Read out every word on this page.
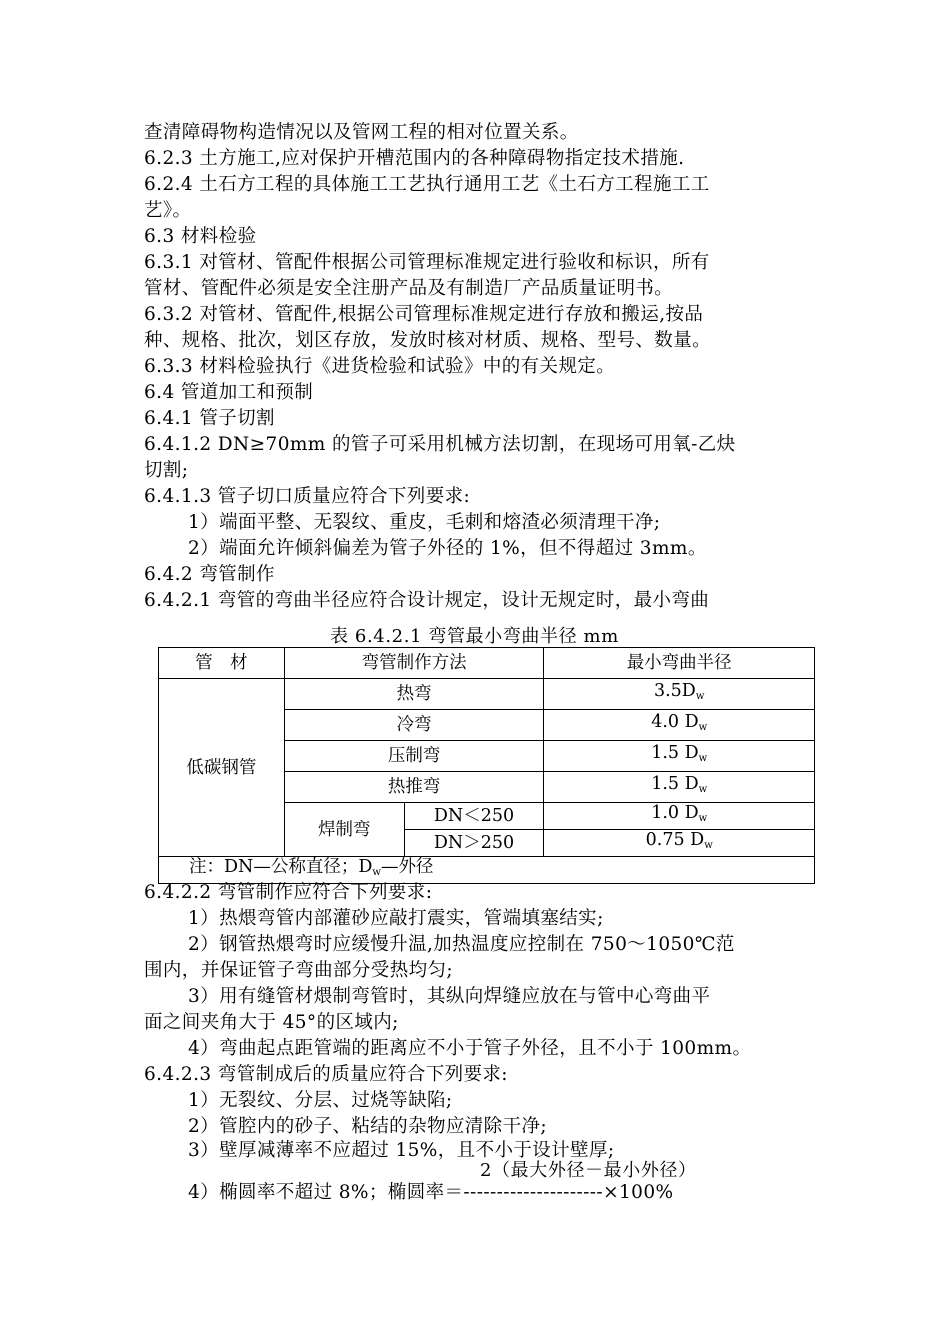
查清障碍物构造情况以及管网工程的相对位置关系。
6.2.3 土方施工,应对保护开槽范围内的各种障碍物指定技术措施.
6.2.4 土石方工程的具体施工工艺执行通用工艺《土石方工程施工工
艺》。
6.3 材料检验
6.3.1 对管材、管配件根据公司管理标准规定进行验收和标识，所有
管材、管配件必须是安全注册产品及有制造厂产品质量证明书。
6.3.2 对管材、管配件,根据公司管理标准规定进行存放和搬运,按品
种、规格、批次，划区存放，发放时核对材质、规格、型号、数量。
6.3.3 材料检验执行《进货检验和试验》中的有关规定。
6.4 管道加工和预制
6.4.1 管子切割
6.4.1.2 DN≥70mm 的管子可采用机械方法切割，在现场可用氧-乙炔
切割;
6.4.1.3 管子切口质量应符合下列要求:
1）端面平整、无裂纹、重皮，毛刺和熔渣必须清理干净;
2）端面允许倾斜偏差为管子外径的 1%，但不得超过 3mm。
6.4.2 弯管制作
6.4.2.1 弯管的弯曲半径应符合设计规定，设计无规定时，最小弯曲
表 6.4.2.1 弯管最小弯曲半径 mm
管　材	弯管制作方法		最小弯曲半径
低碳钢管	热弯		$3.5D_w$
	冷弯		4.0 $D_w$
	压制弯		1.5 $D_w$
	热推弯		1.5 $D_w$
	焊制弯	DN＜250	1.0 $D_w$
		DN＞250	0.75 $D_w$
注：DN—公称直径；$D_w—$外径			
6.4.2.2 弯管制作应符合下列要求:
1）热煨弯管内部灌砂应敲打震实，管端填塞结实;
2）钢管热煨弯时应缓慢升温,加热温度应控制在 750～1050℃范
围内，并保证管子弯曲部分受热均匀;
3）用有缝管材煨制弯管时，其纵向焊缝应放在与管中心弯曲平
面之间夹角大于 45°的区域内;
4）弯曲起点距管端的距离应不小于管子外径，且不小于 100mm。
6.4.2.3 弯管制成后的质量应符合下列要求:
1）无裂纹、分层、过烧等缺陷;
2）管腔内的砂子、粘结的杂物应清除干净;
3）壁厚减薄率不应超过 15%，且不小于设计壁厚;
2（最大外径－最小外径）
4）椭圆率不超过 8%；椭圆率＝---------------------×100%
